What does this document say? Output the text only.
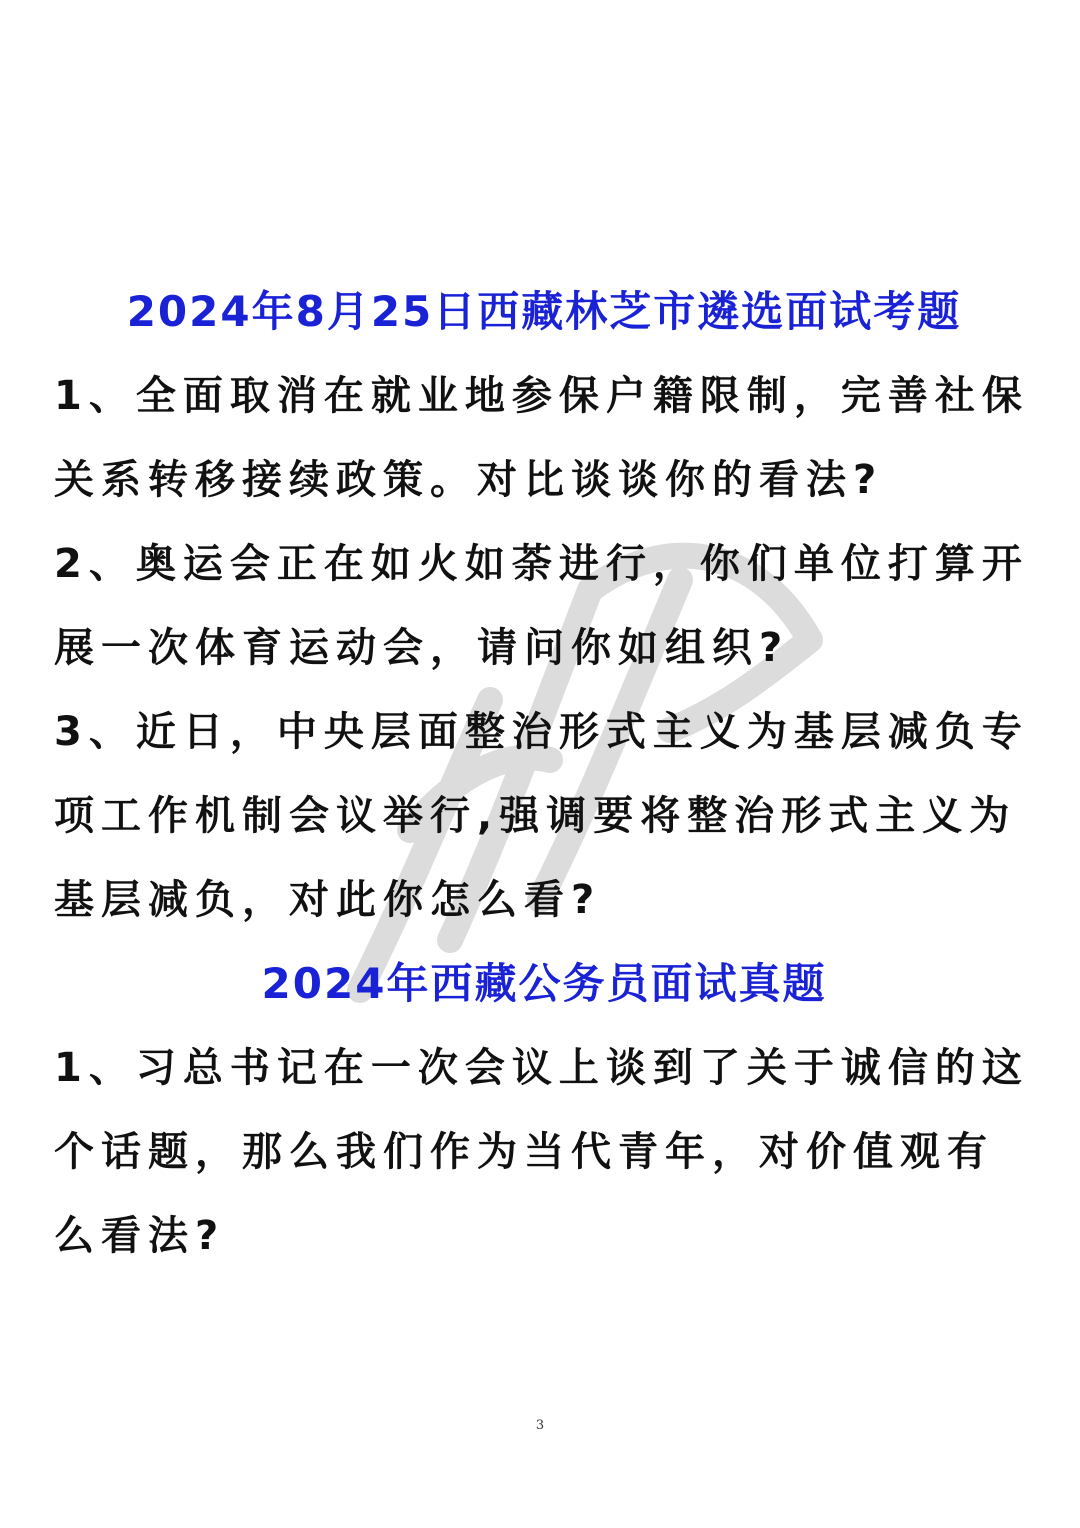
2024年8月25日西藏林芝市遴选面试考题

1、全面取消在就业地参保户籍限制，完善社保关系转移接续政策。对比谈谈你的看法?

2、奥运会正在如火如荼进行，你们单位打算开展一次体育运动会，请问你如组织?

3、近日，中央层面整治形式主义为基层减负专项工作机制会议举行,强调要将整治形式主义为基层减负，对此你怎么看?

2024年西藏公务员面试真题

1、习总书记在一次会议上谈到了关于诚信的这个话题，那么我们作为当代青年，对价值观有么看法?

3
